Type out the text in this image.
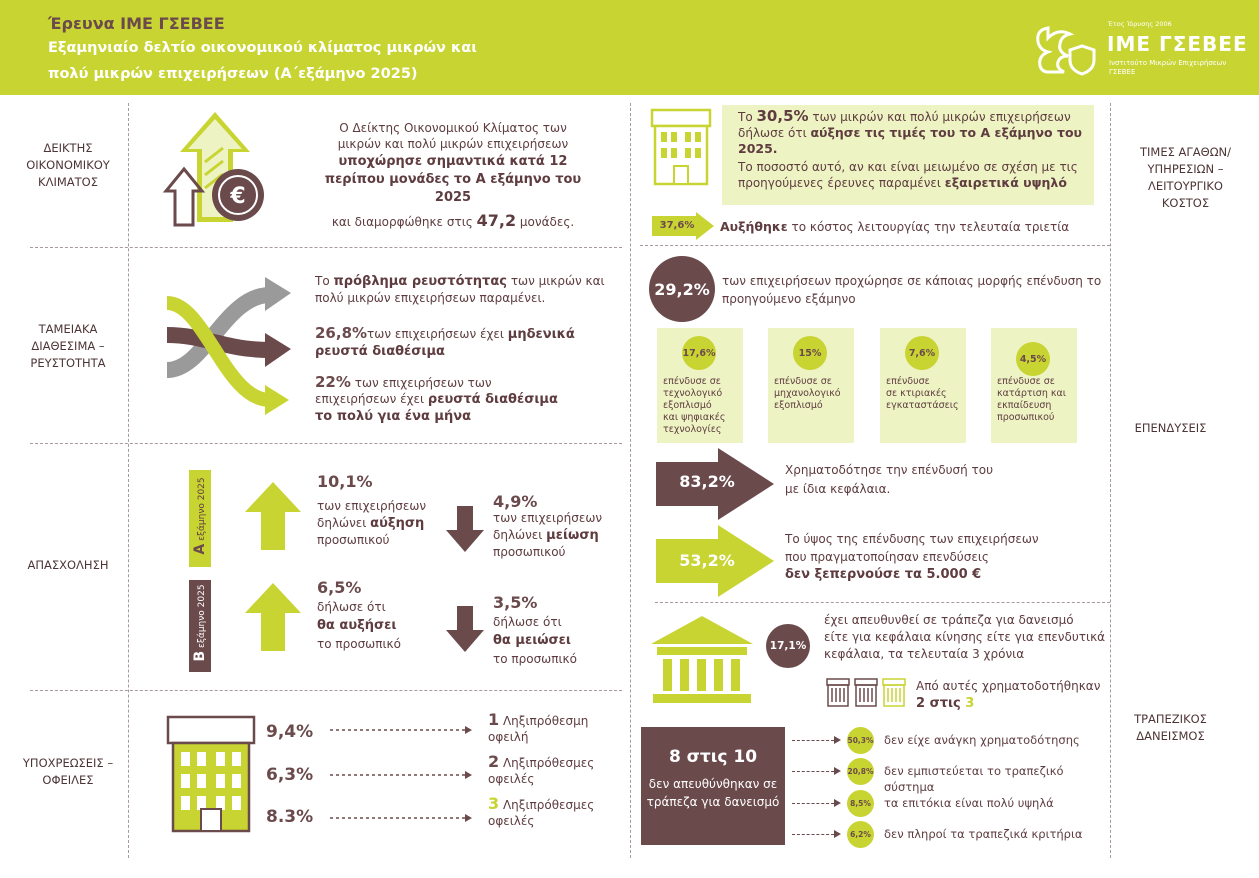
Έρευνα ΙΜΕ ΓΣΕΒΕΕ
Εξαμηνιαίο δελτίο οικονομικού κλίματος μικρών και
πολύ μικρών επιχειρήσεων (Α΄εξάμηνο 2025)
Έτος Ίδρυσης 2006
ΙΜΕ ΓΣΕΒΕΕ
Ινστιτούτο Μικρών Επιχειρήσεων
ΓΣΕΒΕΕ
ΔΕΙΚΤΗΣ
ΟΙΚΟΝΟΜΙΚΟΥ
ΚΛΙΜΑΤΟΣ
ΤΑΜΕΙΑΚΑ
ΔΙΑΘΕΣΙΜΑ –
ΡΕΥΣΤΟΤΗΤΑ
ΑΠΑΣΧΟΛΗΣΗ
ΥΠΟΧΡΕΩΣΕΙΣ –
ΟΦΕΙΛΕΣ
ΤΙΜΕΣ ΑΓΑΘΩΝ/
ΥΠΗΡΕΣΙΩΝ –
ΛΕΙΤΟΥΡΓΙΚΟ
ΚΟΣΤΟΣ
ΕΠΕΝΔΥΣΕΙΣ
ΤΡΑΠΕΖΙΚΟΣ
ΔΑΝΕΙΣΜΟΣ
€
Ο Δείκτης Οικονομικού Κλίματος των
μικρών και πολύ μικρών επιχειρήσεων
υποχώρησε σημαντικά κατά 12
περίπου μονάδες το Α εξάμηνο του
2025
και διαμορφώθηκε στις 47,2 μονάδες.
Το πρόβλημα ρευστότητας των μικρών και
πολύ μικρών επιχειρήσεων παραμένει.
26,8%των επιχειρήσεων έχει μηδενικά
ρευστά διαθέσιμα
22% των επιχειρήσεων των
επιχειρήσεων έχει ρευστά διαθέσιμα
το πολύ για ένα μήνα
Α εξάμηνο 2025
Β εξάμηνο 2025
10,1%
των επιχειρήσεων
δηλώνει αύξηση
προσωπικού
4,9%
των επιχειρήσεων
δηλώνει μείωση
προσωπικού
6,5%
δήλωσε ότι
θα αυξήσει
το προσωπικό
3,5%
δήλωσε ότι
θα μειώσει
το προσωπικό
9,4%
6,3%
8.3%
1 Ληξιπρόθεσμη
οφειλή
2 Ληξιπρόθεσμες
οφειλές
3 Ληξιπρόθεσμες
οφειλές
Το 30,5% των μικρών και πολύ μικρών επιχειρήσεων
δήλωσε ότι αύξησε τις τιμές του το Α εξάμηνο του
2025.
Το ποσοστό αυτό, αν και είναι μειωμένο σε σχέση με τις
προηγούμενες έρευνες παραμένει εξαιρετικά υψηλό
37,6% Αυξήθηκε το κόστος λειτουργίας την τελευταία τριετία
29,2%	των επιχειρήσεων προχώρησε σε κάποιας μορφής επένδυση το
προηγούμενο εξάμηνο
17,6%
επένδυσε σε
τεχνολογικό
εξοπλισμό
και ψηφιακές
τεχνολογίες
15%
επένδυσε σε
μηχανολογικό
εξοπλισμό
7,6%
επένδυσε
σε κτιριακές
εγκαταστάσεις
4,5%
επένδυσε σε
κατάρτιση και
εκπαίδευση
προσωπικού
83,2%
Χρηματοδότησε την επένδυσή του
με ίδια κεφάλαια.
53,2%
Το ύψος της επένδυσης των επιχειρήσεων
που πραγματοποίησαν επενδύσεις
δεν ξεπερνούσε τα 5.000 €
17,1%
έχει απευθυνθεί σε τράπεζα για δανεισμό
είτε για κεφάλαια κίνησης είτε για επενδυτικά
κεφάλαια, τα τελευταία 3 χρόνια
Από αυτές χρηματοδοτήθηκαν
2 στις 3
8 στις 10
δεν απευθύνθηκαν σε
τράπεζα για δανεισμό
50,3% δεν είχε ανάγκη χρηματοδότησης
20,8% δεν εμπιστεύεται το τραπεζικό σύστημα
8,5% τα επιτόκια είναι πολύ υψηλά
6,2% δεν πληροί τα τραπεζικά κριτήρια
